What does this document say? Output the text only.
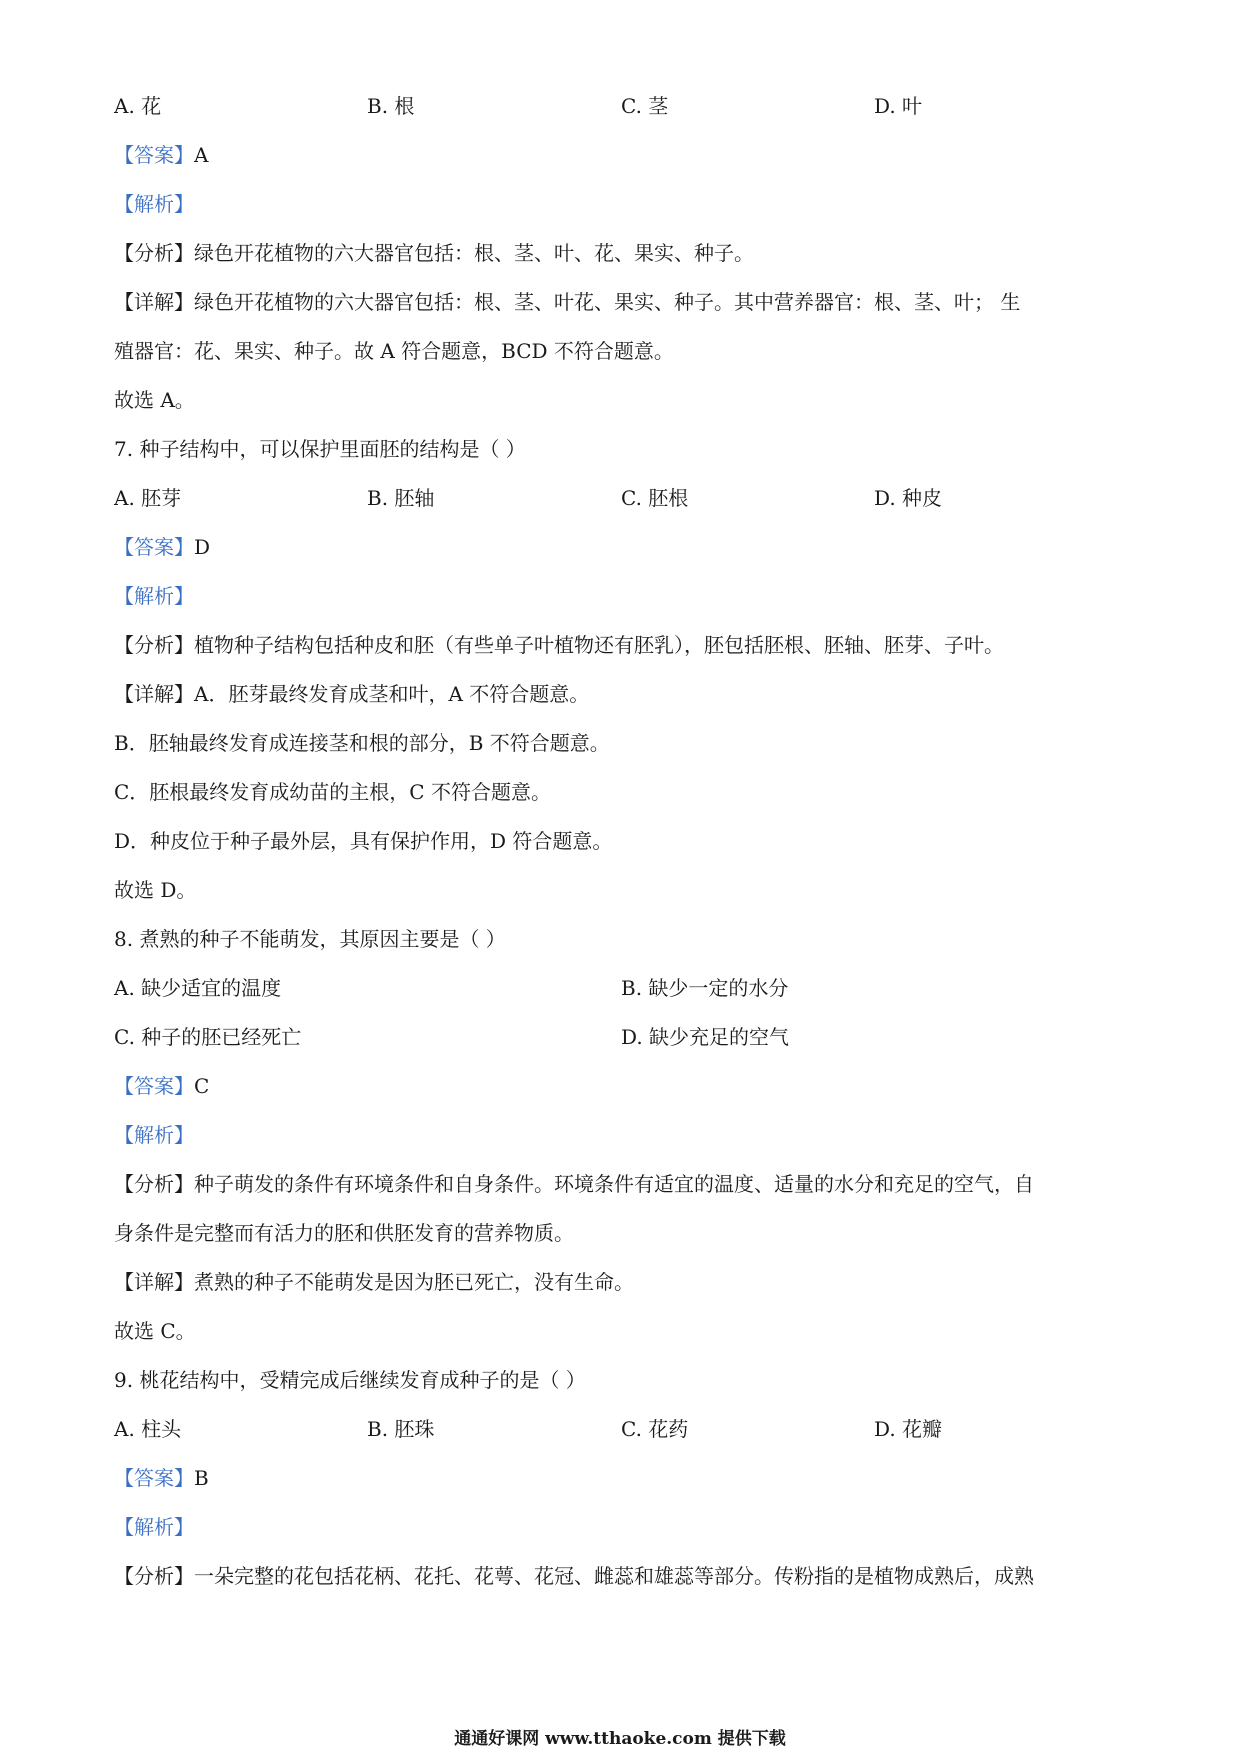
A. 花	B. 根	C. 茎	D. 叶
【答案】A
【解析】
【分析】绿色开花植物的六大器官包括：根、茎、叶、花、果实、种子。
【详解】绿色开花植物的六大器官包括：根、茎、叶花、果实、种子。其中营养器官：根、茎、叶； 生
殖器官：花、果实、种子。故 A 符合题意，BCD 不符合题意。
故选 A。
7. 种子结构中，可以保护里面胚的结构是（ ）
A. 胚芽	B. 胚轴	C. 胚根	D. 种皮
【答案】D
【解析】
【分析】植物种子结构包括种皮和胚（有些单子叶植物还有胚乳），胚包括胚根、胚轴、胚芽、子叶。
【详解】A．胚芽最终发育成茎和叶，A 不符合题意。
B．胚轴最终发育成连接茎和根的部分，B 不符合题意。
C．胚根最终发育成幼苗的主根，C 不符合题意。
D．种皮位于种子最外层，具有保护作用，D 符合题意。
故选 D。
8. 煮熟的种子不能萌发，其原因主要是（ ）
A. 缺少适宜的温度	B. 缺少一定的水分
C. 种子的胚已经死亡	D. 缺少充足的空气
【答案】C
【解析】
【分析】种子萌发的条件有环境条件和自身条件。环境条件有适宜的温度、适量的水分和充足的空气，自
身条件是完整而有活力的胚和供胚发育的营养物质。
【详解】煮熟的种子不能萌发是因为胚已死亡，没有生命。
故选 C。
9. 桃花结构中，受精完成后继续发育成种子的是（ ）
A. 柱头	B. 胚珠	C. 花药	D. 花瓣
【答案】B
【解析】
【分析】一朵完整的花包括花柄、花托、花萼、花冠、雌蕊和雄蕊等部分。传粉指的是植物成熟后，成熟
通通好课网 www.tthaoke.com 提供下载
